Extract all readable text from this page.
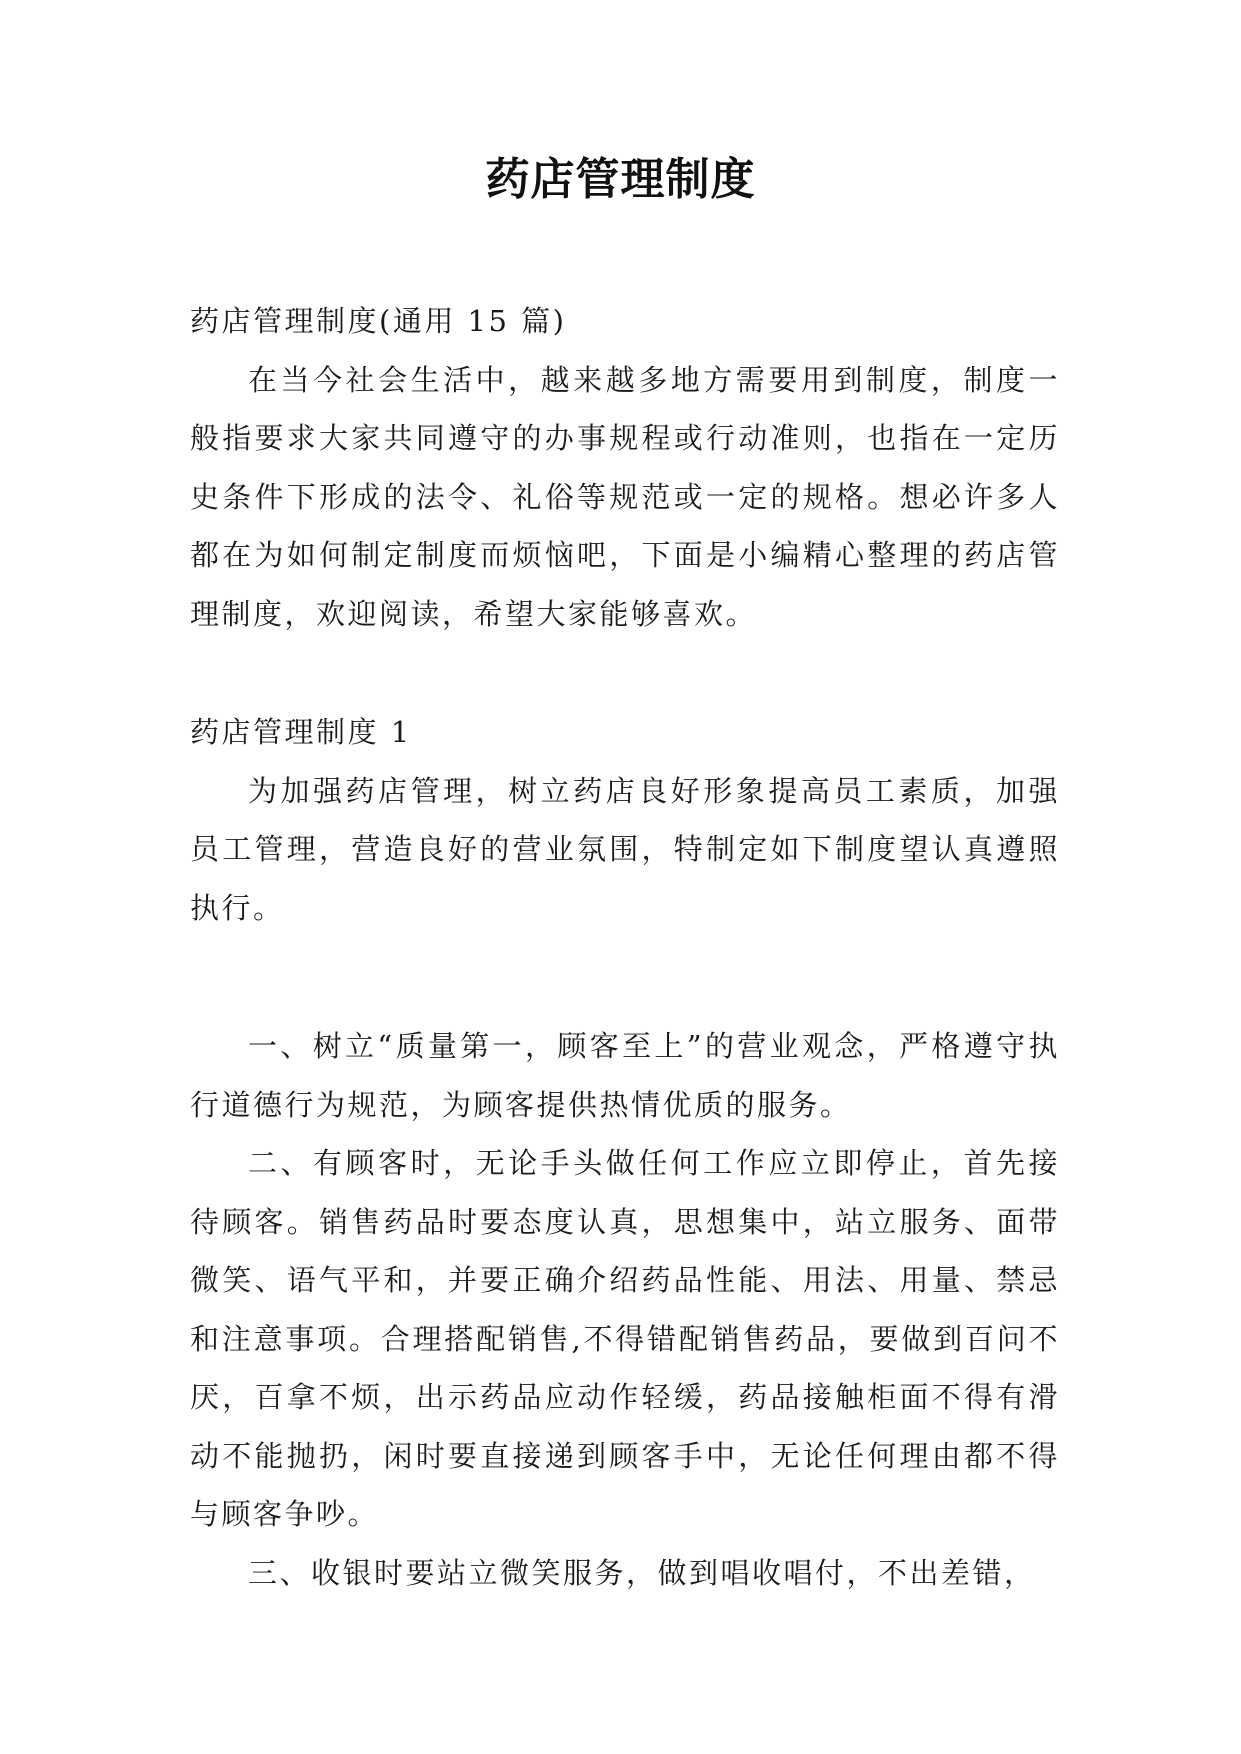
药店管理制度

药店管理制度(通用 15 篇)

在当今社会生活中，越来越多地方需要用到制度，制度一般指要求大家共同遵守的办事规程或行动准则，也指在一定历史条件下形成的法令、礼俗等规范或一定的规格。想必许多人都在为如何制定制度而烦恼吧，下面是小编精心整理的药店管理制度，欢迎阅读，希望大家能够喜欢。

药店管理制度 1

为加强药店管理，树立药店良好形象提高员工素质，加强员工管理，营造良好的营业氛围，特制定如下制度望认真遵照执行。

一、树立“质量第一，顾客至上”的营业观念，严格遵守执行道德行为规范，为顾客提供热情优质的服务。

二、有顾客时，无论手头做任何工作应立即停止，首先接待顾客。销售药品时要态度认真，思想集中，站立服务、面带微笑、语气平和，并要正确介绍药品性能、用法、用量、禁忌和注意事项。合理搭配销售,不得错配销售药品，要做到百问不厌，百拿不烦，出示药品应动作轻缓，药品接触柜面不得有滑动不能抛扔，闲时要直接递到顾客手中，无论任何理由都不得与顾客争吵。

三、收银时要站立微笑服务，做到唱收唱付，不出差错，
